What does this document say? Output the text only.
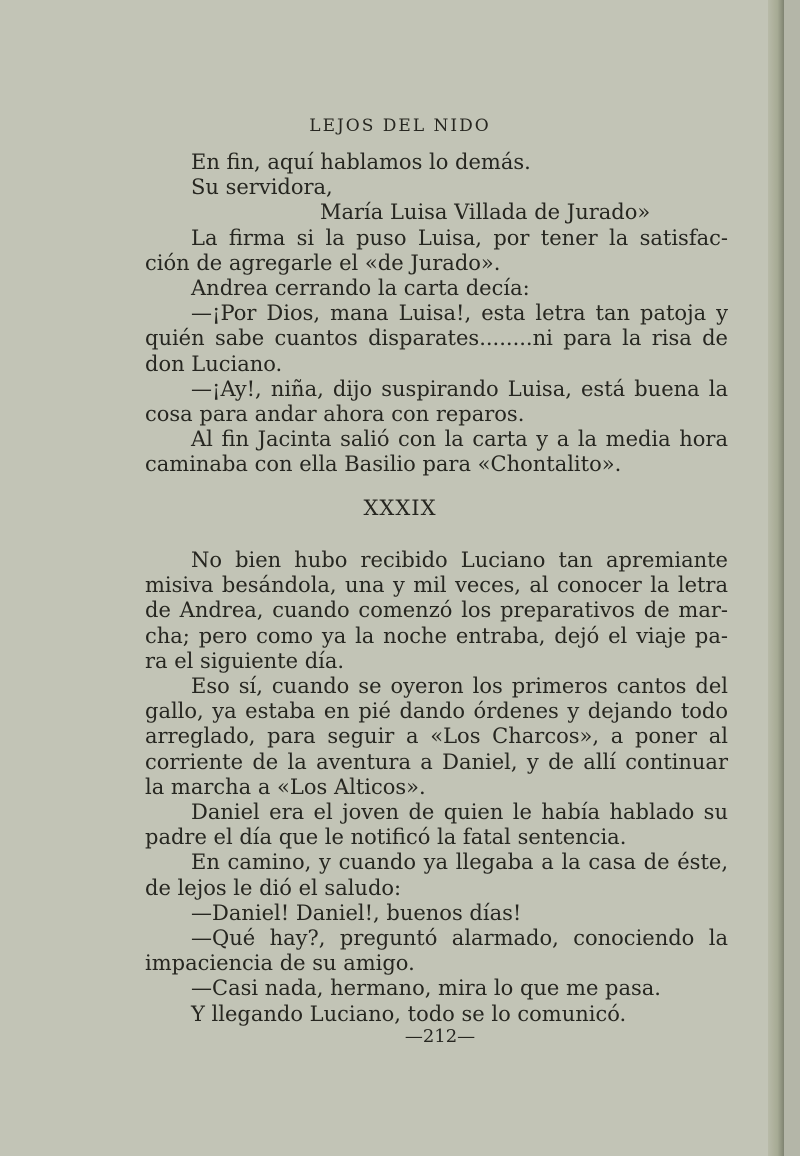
LEJOS DEL NIDO
En fin, aquí hablamos lo demás.
Su servidora,
María Luisa Villada de Jurado»
La firma si la puso Luisa, por tener la satisfac-
ción de agregarle el «de Jurado».
Andrea cerrando la carta decía:
—¡Por Dios, mana Luisa!, esta letra tan patoja y
quién sabe cuantos disparates........ni para la risa de
don Luciano.
—¡Ay!, niña, dijo suspirando Luisa, está buena la
cosa para andar ahora con reparos.
Al fin Jacinta salió con la carta y a la media hora
caminaba con ella Basilio para «Chontalito».
XXXIX
No bien hubo recibido Luciano tan apremiante
misiva besándola, una y mil veces, al conocer la letra
de Andrea, cuando comenzó los preparativos de mar-
cha; pero como ya la noche entraba, dejó el viaje pa-
ra el siguiente día.
Eso sí, cuando se oyeron los primeros cantos del
gallo, ya estaba en pié dando órdenes y dejando todo
arreglado, para seguir a «Los Charcos», a poner al
corriente de la aventura a Daniel, y de allí continuar
la marcha a «Los Alticos».
Daniel era el joven de quien le había hablado su
padre el día que le notificó la fatal sentencia.
En camino, y cuando ya llegaba a la casa de éste,
de lejos le dió el saludo:
—Daniel! Daniel!, buenos días!
—Qué hay?, preguntó alarmado, conociendo la
impaciencia de su amigo.
—Casi nada, hermano, mira lo que me pasa.
Y llegando Luciano, todo se lo comunicó.
—212—
